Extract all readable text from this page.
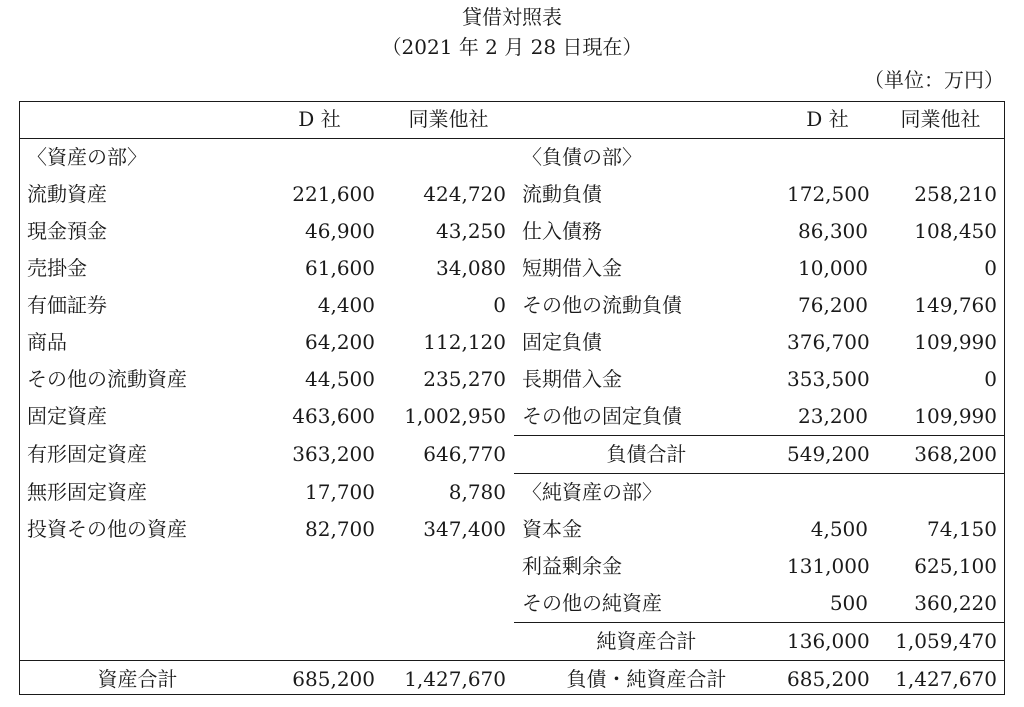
貸借対照表
（2021 年 2 月 28 日現在）
（単位：万円）
	D 社	同業他社		D 社	同業他社
〈資産の部〉			〈負債の部〉		
流動資産	221,600	424,720	流動負債	172,500	258,210
現金預金	46,900	43,250	仕入債務	86,300	108,450
売掛金	61,600	34,080	短期借入金	10,000	0
有価証券	4,400	0	その他の流動負債	76,200	149,760
商品	64,200	112,120	固定負債	376,700	109,990
その他の流動資産	44,500	235,270	長期借入金	353,500	0
固定資産	463,600	1,002,950	その他の固定負債	23,200	109,990
有形固定資産	363,200	646,770	負債合計	549,200	368,200
無形固定資産	17,700	8,780	〈純資産の部〉		
投資その他の資産	82,700	347,400	資本金	4,500	74,150
			利益剰余金	131,000	625,100
			その他の純資産	500	360,220
			純資産合計	136,000	1,059,470
資産合計	685,200	1,427,670	負債・純資産合計	685,200	1,427,670
